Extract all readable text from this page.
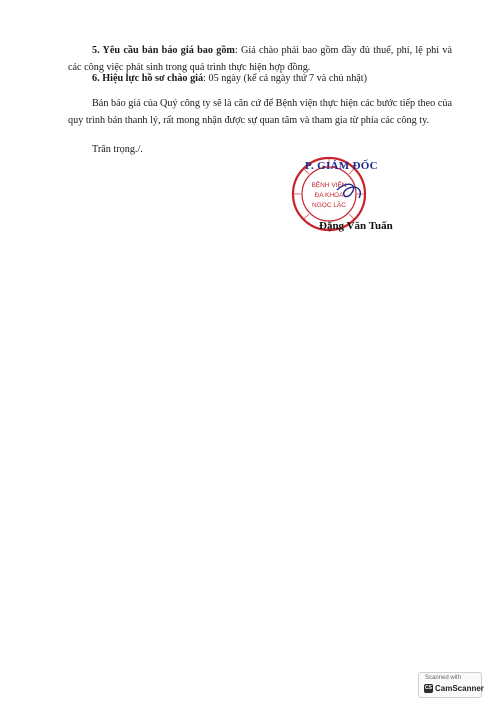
5. Yêu cầu bản báo giá bao gồm: Giá chào phải bao gồm đầy đủ thuế, phí, lệ phí và các công việc phát sinh trong quá trình thực hiện hợp đồng.

6. Hiệu lực hồ sơ chào giá: 05 ngày (kể cả ngày thứ 7 và chủ nhật)

Bản báo giá của Quý công ty sẽ là căn cứ để Bệnh viện thực hiện các bước tiếp theo của quy trình bán thanh lý, rất mong nhận được sự quan tâm và tham gia từ phía các công ty.

Trân trọng./.

BỆNH VIỆN
ĐA KHOA
NGỌC LẶC
P. GIÁM ĐỐC
Đặng Văn Tuấn
Scanned with
CS CamScanner
